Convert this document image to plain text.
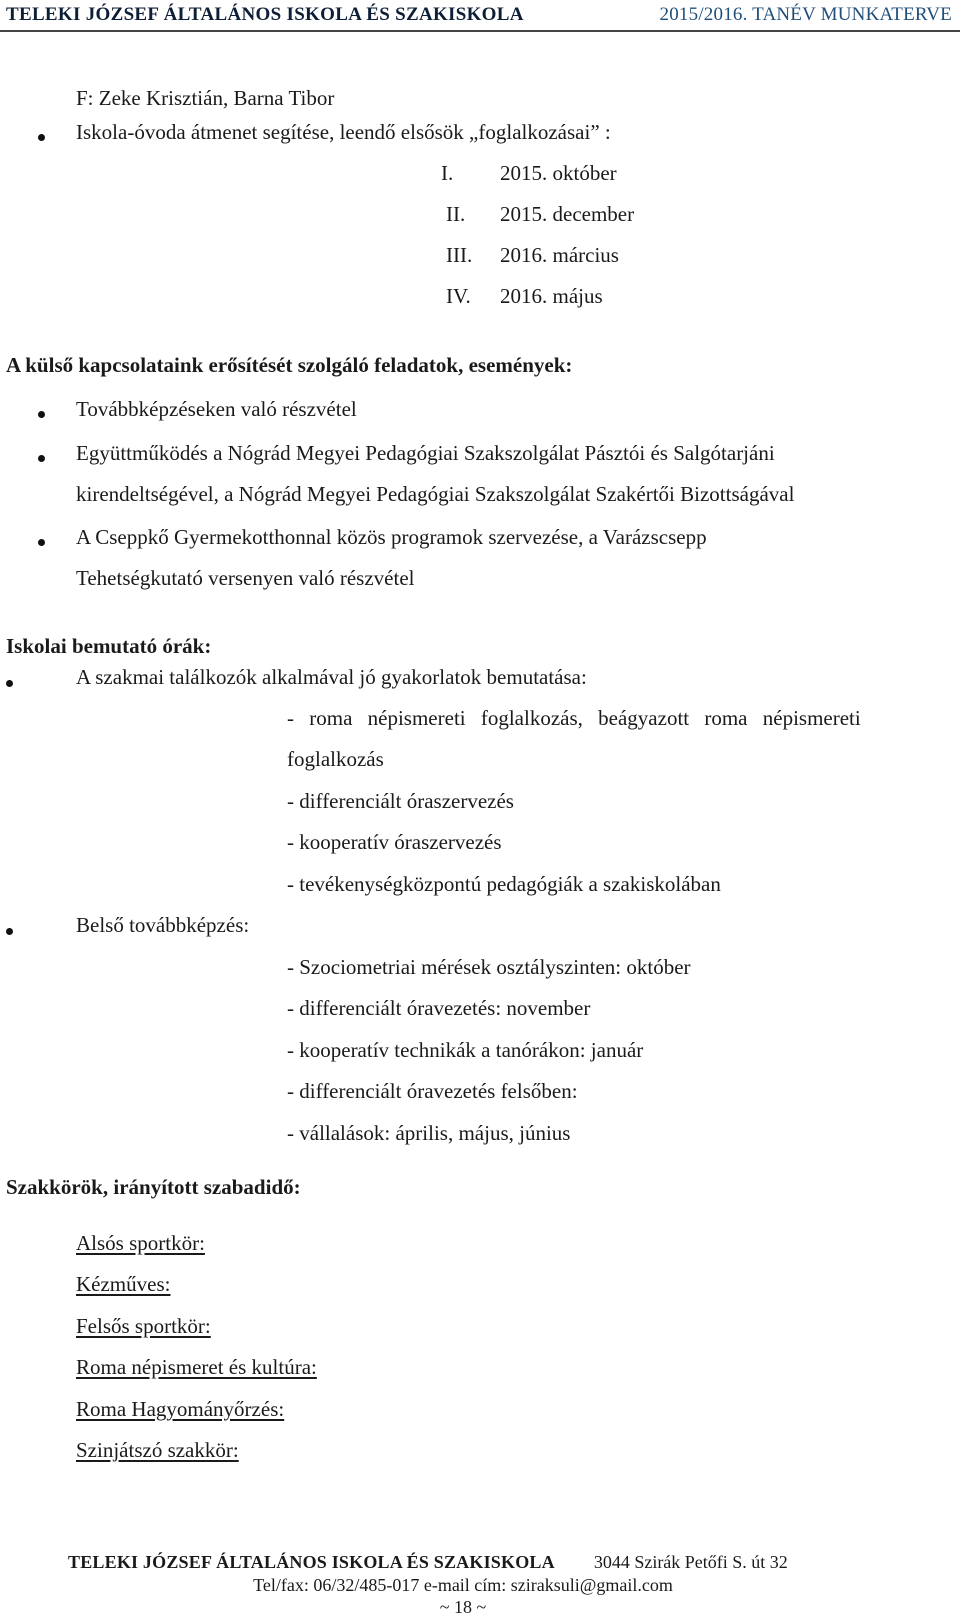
TELEKI JÓZSEF ÁLTALÁNOS ISKOLA ÉS SZAKISKOLA	2015/2016. TANÉV MUNKATERVE
F: Zeke Krisztián, Barna Tibor
Iskola-óvoda átmenet segítése, leendő elsősök „foglalkozásai” :
I. 2015. október
II. 2015. december
III. 2016. március
IV. 2016. május
A külső kapcsolataink erősítését szolgáló feladatok, események:
Továbbképzéseken való részvétel
Együttműködés a Nógrád Megyei Pedagógiai Szakszolgálat Pásztói és Salgótarjáni
kirendeltségével, a Nógrád Megyei Pedagógiai Szakszolgálat Szakértői Bizottságával
A Cseppkő Gyermekotthonnal közös programok szervezése, a Varázscsepp
Tehetségkutató versenyen való részvétel
Iskolai bemutató órák:
A szakmai találkozók alkalmával jó gyakorlatok bemutatása:
- roma népismereti foglalkozás, beágyazott roma népismereti
foglalkozás
- differenciált óraszervezés
- kooperatív óraszervezés
- tevékenységközpontú pedagógiák a szakiskolában
Belső továbbképzés:
- Szociometriai mérések osztályszinten: október
- differenciált óravezetés: november
- kooperatív technikák a tanórákon: január
- differenciált óravezetés felsőben:
- vállalások: április, május, június
Szakkörök, irányított szabadidő:
Alsós sportkör:
Kézműves:
Felsős sportkör:
Roma népismeret és kultúra:
Roma Hagyományőrzés:
Szinjátszó szakkör:
TELEKI JÓZSEF ÁLTALÁNOS ISKOLA ÉS SZAKISKOLA 3044 Szirák Petőfi S. út 32
Tel/fax: 06/32/485-017 e-mail cím: sziraksuli@gmail.com
~ 18 ~
